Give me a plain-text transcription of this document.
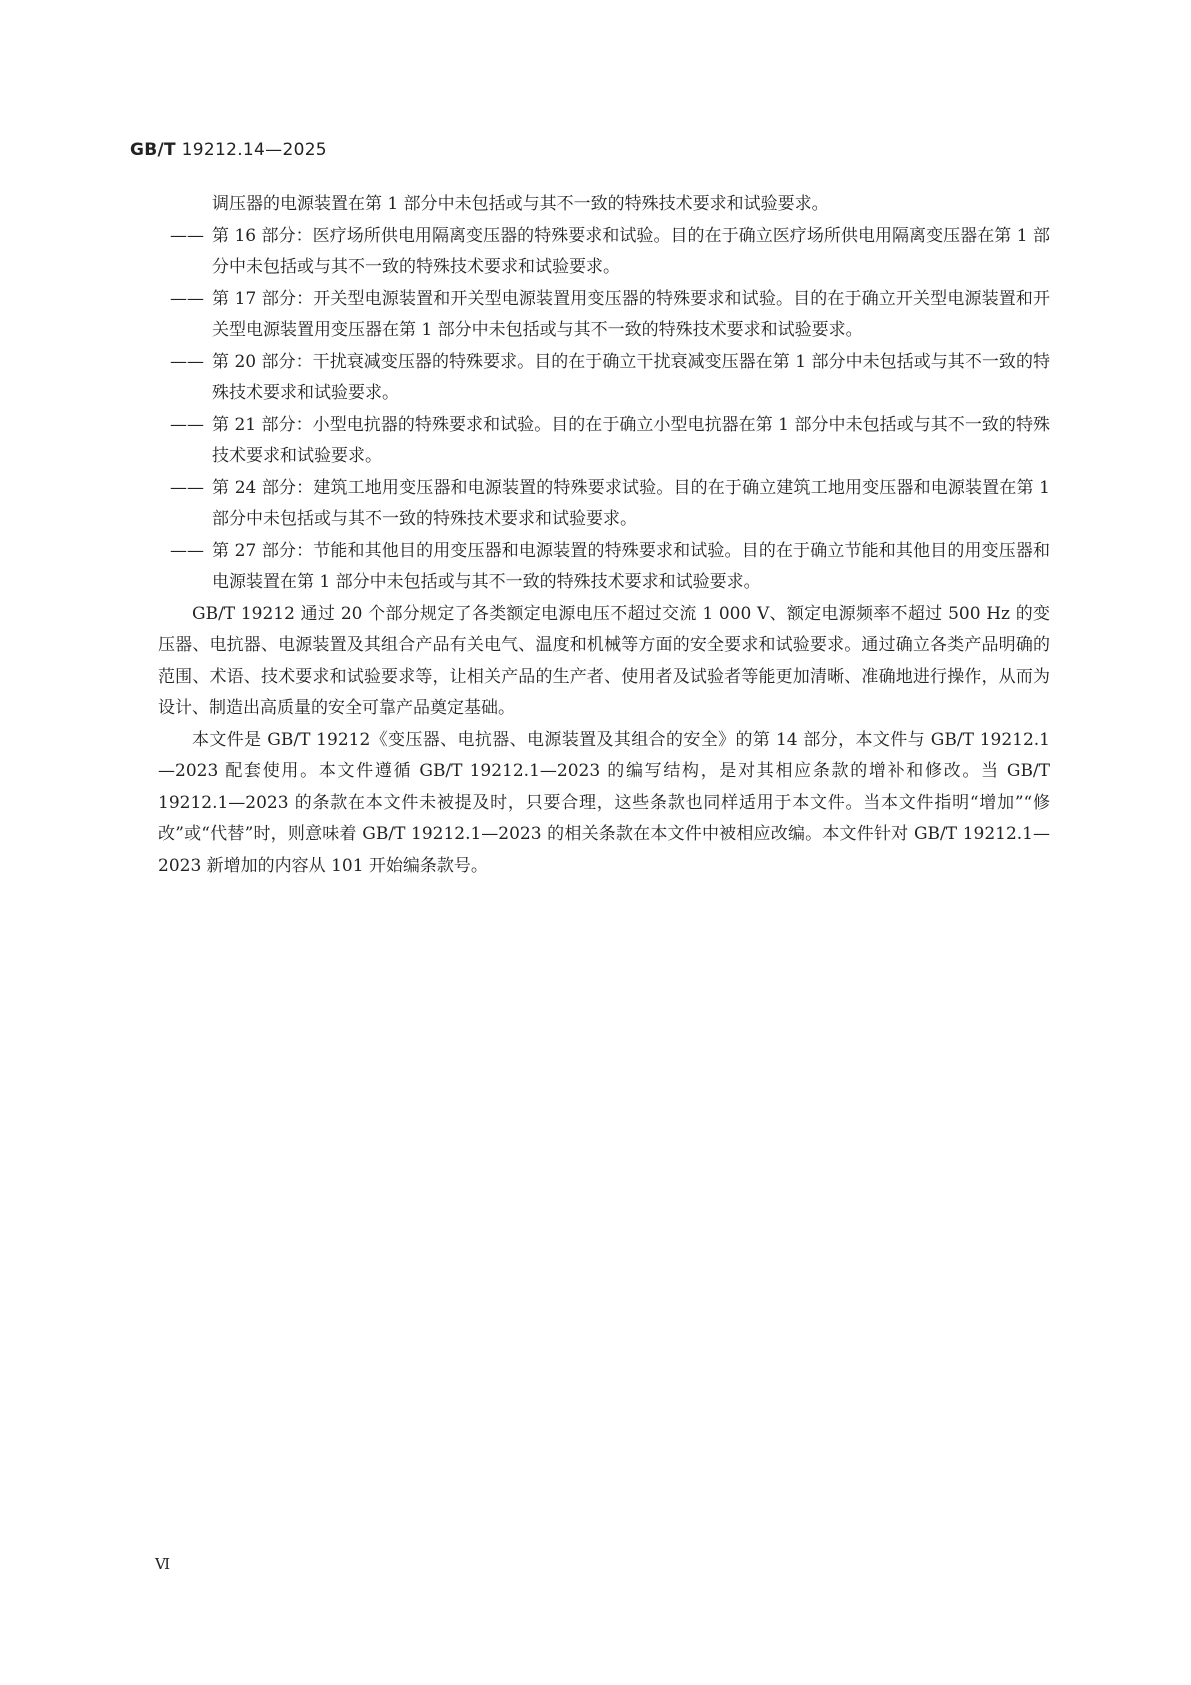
GB/T 19212.14—2025
调压器的电源装置在第 1 部分中未包括或与其不一致的特殊技术要求和试验要求。
—— 第 16 部分：医疗场所供电用隔离变压器的特殊要求和试验。目的在于确立医疗场所供电用隔离变压器在第 1 部分中未包括或与其不一致的特殊技术要求和试验要求。
—— 第 17 部分：开关型电源装置和开关型电源装置用变压器的特殊要求和试验。目的在于确立开关型电源装置和开关型电源装置用变压器在第 1 部分中未包括或与其不一致的特殊技术要求和试验要求。
—— 第 20 部分：干扰衰减变压器的特殊要求。目的在于确立干扰衰减变压器在第 1 部分中未包括或与其不一致的特殊技术要求和试验要求。
—— 第 21 部分：小型电抗器的特殊要求和试验。目的在于确立小型电抗器在第 1 部分中未包括或与其不一致的特殊技术要求和试验要求。
—— 第 24 部分：建筑工地用变压器和电源装置的特殊要求试验。目的在于确立建筑工地用变压器和电源装置在第 1 部分中未包括或与其不一致的特殊技术要求和试验要求。
—— 第 27 部分：节能和其他目的用变压器和电源装置的特殊要求和试验。目的在于确立节能和其他目的用变压器和电源装置在第 1 部分中未包括或与其不一致的特殊技术要求和试验要求。

GB/T 19212 通过 20 个部分规定了各类额定电源电压不超过交流 1 000 V、额定电源频率不超过 500 Hz 的变压器、电抗器、电源装置及其组合产品有关电气、温度和机械等方面的安全要求和试验要求。通过确立各类产品明确的范围、术语、技术要求和试验要求等，让相关产品的生产者、使用者及试验者等能更加清晰、准确地进行操作，从而为设计、制造出高质量的安全可靠产品奠定基础。

本文件是 GB/T 19212《变压器、电抗器、电源装置及其组合的安全》的第 14 部分，本文件与 GB/T 19212.1—2023 配套使用。本文件遵循 GB/T 19212.1—2023 的编写结构，是对其相应条款的增补和修改。当 GB/T 19212.1—2023 的条款在本文件未被提及时，只要合理，这些条款也同样适用于本文件。当本文件指明“增加”“修改”或“代替”时，则意味着 GB/T 19212.1—2023 的相关条款在本文件中被相应改编。本文件针对 GB/T 19212.1—2023 新增加的内容从 101 开始编条款号。

Ⅵ
